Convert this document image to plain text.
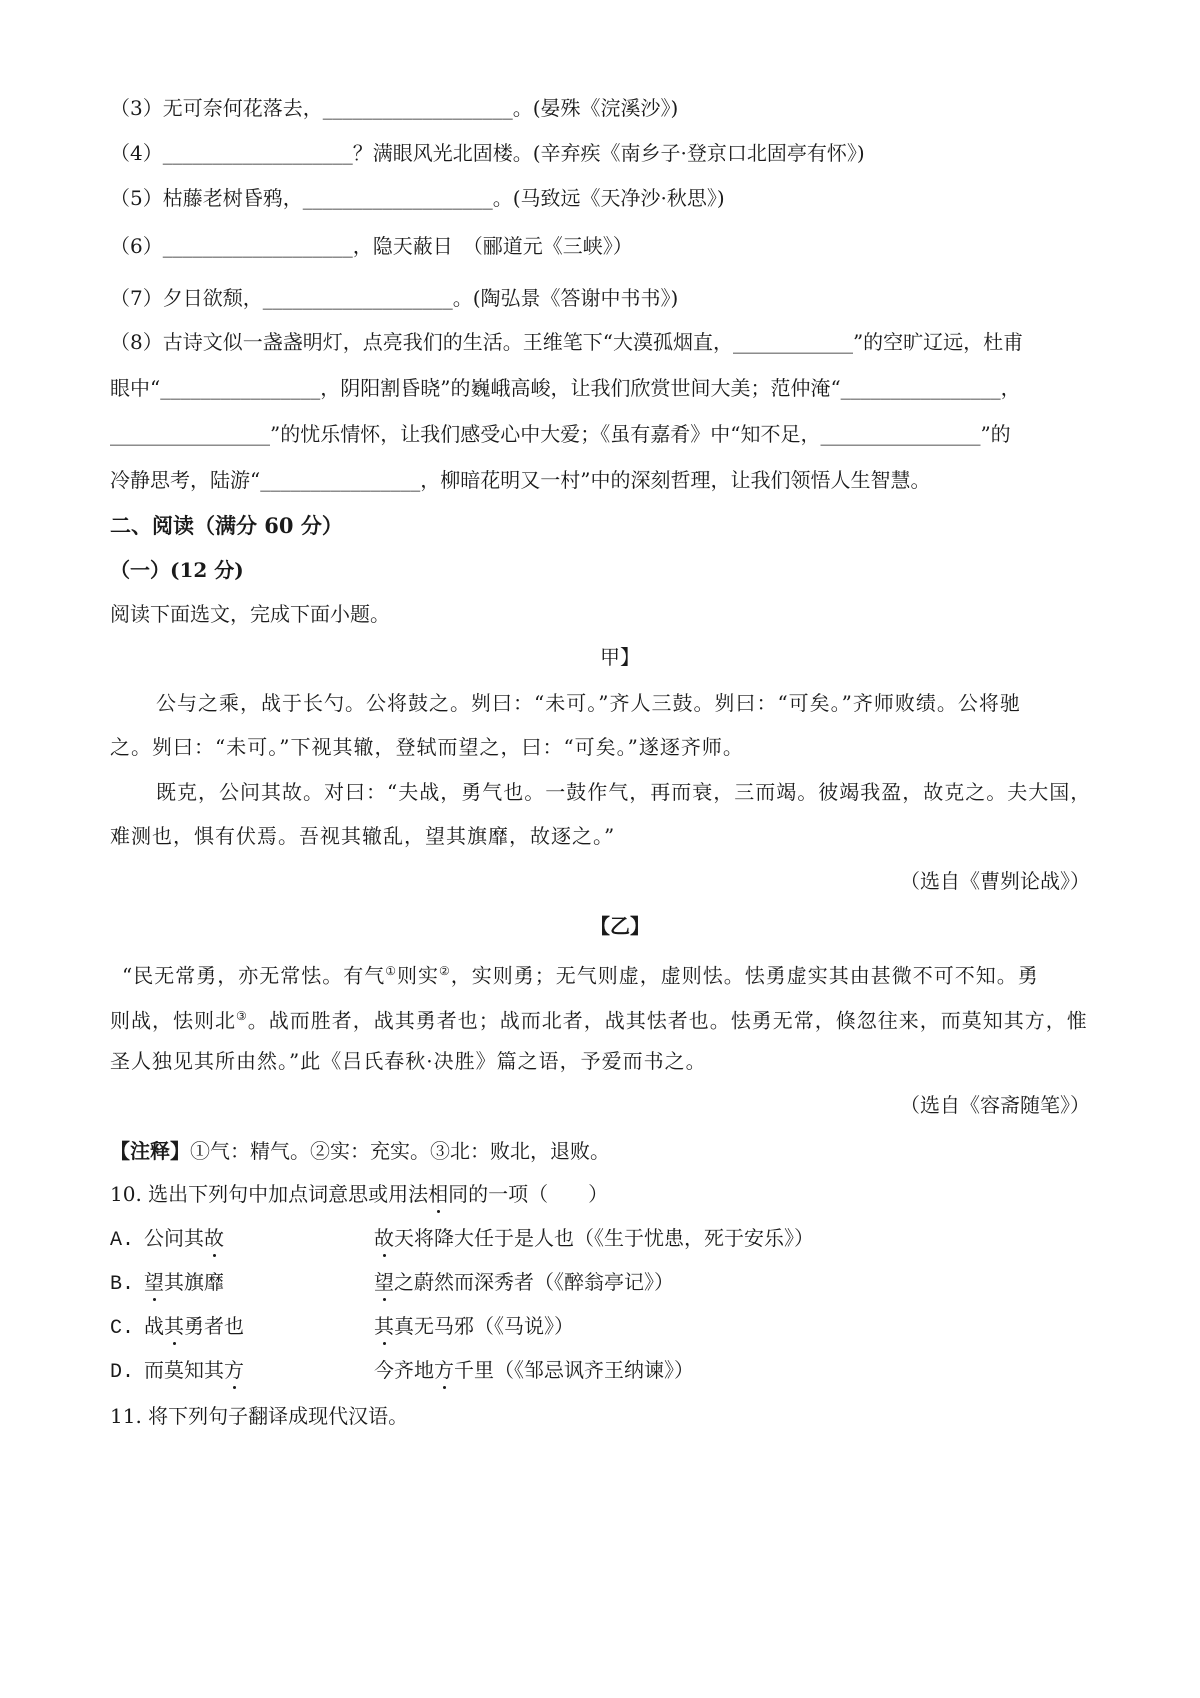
（3）无可奈何花落去，___________________。(晏殊《浣溪沙》)
（4）___________________？满眼风光北固楼。(辛弃疾《南乡子·登京口北固亭有怀》)
（5）枯藤老树昏鸦，___________________。(马致远《天净沙·秋思》)
（6）___________________，隐天蔽日　（郦道元《三峡》）
（7）夕日欲颓，___________________。(陶弘景《答谢中书书》)
（8）古诗文似一盏盏明灯，点亮我们的生活。王维笔下“大漠孤烟直，____________”的空旷辽远，杜甫
眼中“________________，阴阳割昏晓”的巍峨高峻，让我们欣赏世间大美；范仲淹“________________，
________________”的忧乐情怀，让我们感受心中大爱；《虽有嘉肴》中“知不足，________________”的
冷静思考，陆游“________________，柳暗花明又一村”中的深刻哲理，让我们领悟人生智慧。
二、阅读（满分 60 分）
（一）(12 分)
阅读下面选文，完成下面小题。
甲】
公与之乘，战于长勺。公将鼓之。刿曰：“未可。”齐人三鼓。刿曰：“可矣。”齐师败绩。公将驰
之。刿曰：“未可。”下视其辙，登轼而望之，曰：“可矣。”遂逐齐师。
既克，公问其故。对曰：“夫战，勇气也。一鼓作气，再而衰，三而竭。彼竭我盈，故克之。夫大国，
难测也，惧有伏焉。吾视其辙乱，望其旗靡，故逐之。”
（选自《曹刿论战》）
【乙】
“民无常勇，亦无常怯。有气①则实②，实则勇；无气则虚，虚则怯。怯勇虚实其由甚微不可不知。勇
则战，怯则北③。战而胜者，战其勇者也；战而北者，战其怯者也。怯勇无常，倏忽往来，而莫知其方，惟
圣人独见其所由然。”此《吕氏春秋·决胜》篇之语，予爱而书之。
（选自《容斋随笔》）
【注释】①气：精气。②实：充实。③北：败北，退败。
10. 选出下列句中加点词意思或用法相同的一项（　　）
A. 公问其故	故天将降大任于是人也（《生于忧患，死于安乐》）
B. 望其旗靡	望之蔚然而深秀者（《醉翁亭记》）
C. 战其勇者也	其真无马邪（《马说》）
D. 而莫知其方	今齐地方千里（《邹忌讽齐王纳谏》）
11. 将下列句子翻译成现代汉语。
